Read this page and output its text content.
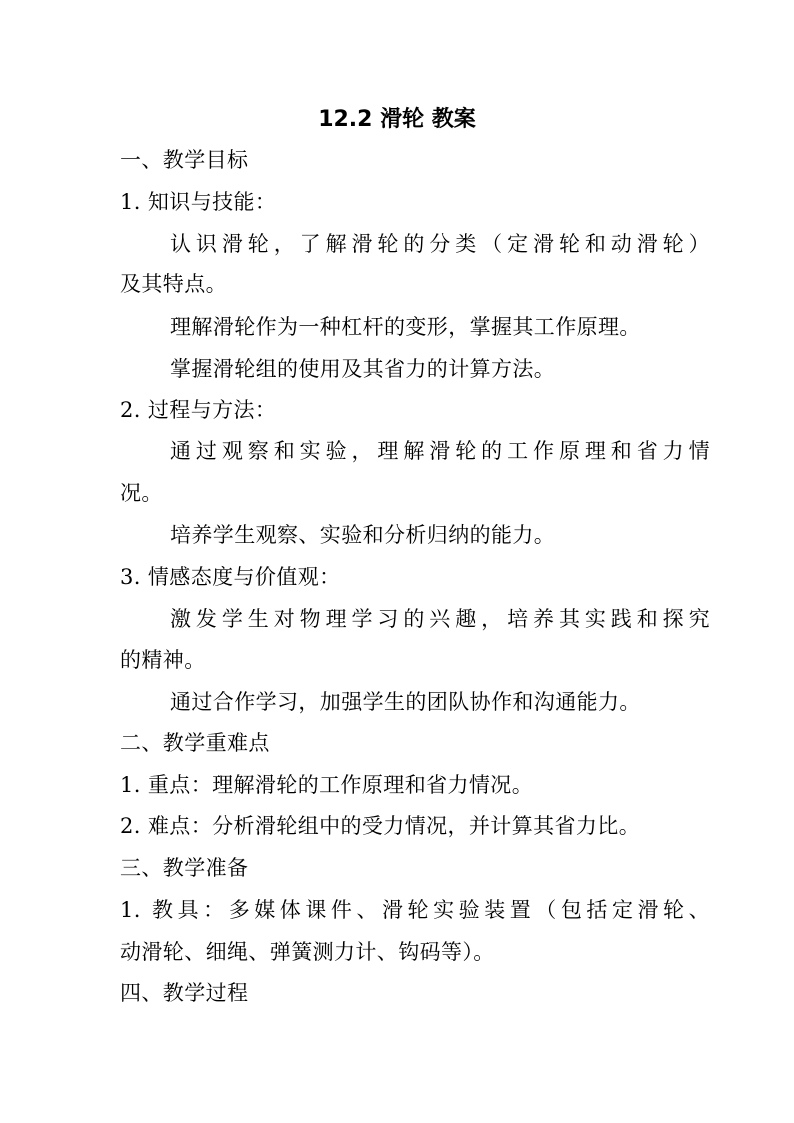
12.2 滑轮 教案
一、教学目标
1. 知识与技能：
认识滑轮，了解滑轮的分类（定滑轮和动滑轮）
及其特点。
理解滑轮作为一种杠杆的变形，掌握其工作原理。
掌握滑轮组的使用及其省力的计算方法。
2. 过程与方法：
通过观察和实验，理解滑轮的工作原理和省力情
况。
培养学生观察、实验和分析归纳的能力。
3. 情感态度与价值观：
激发学生对物理学习的兴趣，培养其实践和探究
的精神。
通过合作学习，加强学生的团队协作和沟通能力。
二、教学重难点
1. 重点：理解滑轮的工作原理和省力情况。
2. 难点：分析滑轮组中的受力情况，并计算其省力比。
三、教学准备
1. 教具：多媒体课件、滑轮实验装置（包括定滑轮、
动滑轮、细绳、弹簧测力计、钩码等）。
四、教学过程
